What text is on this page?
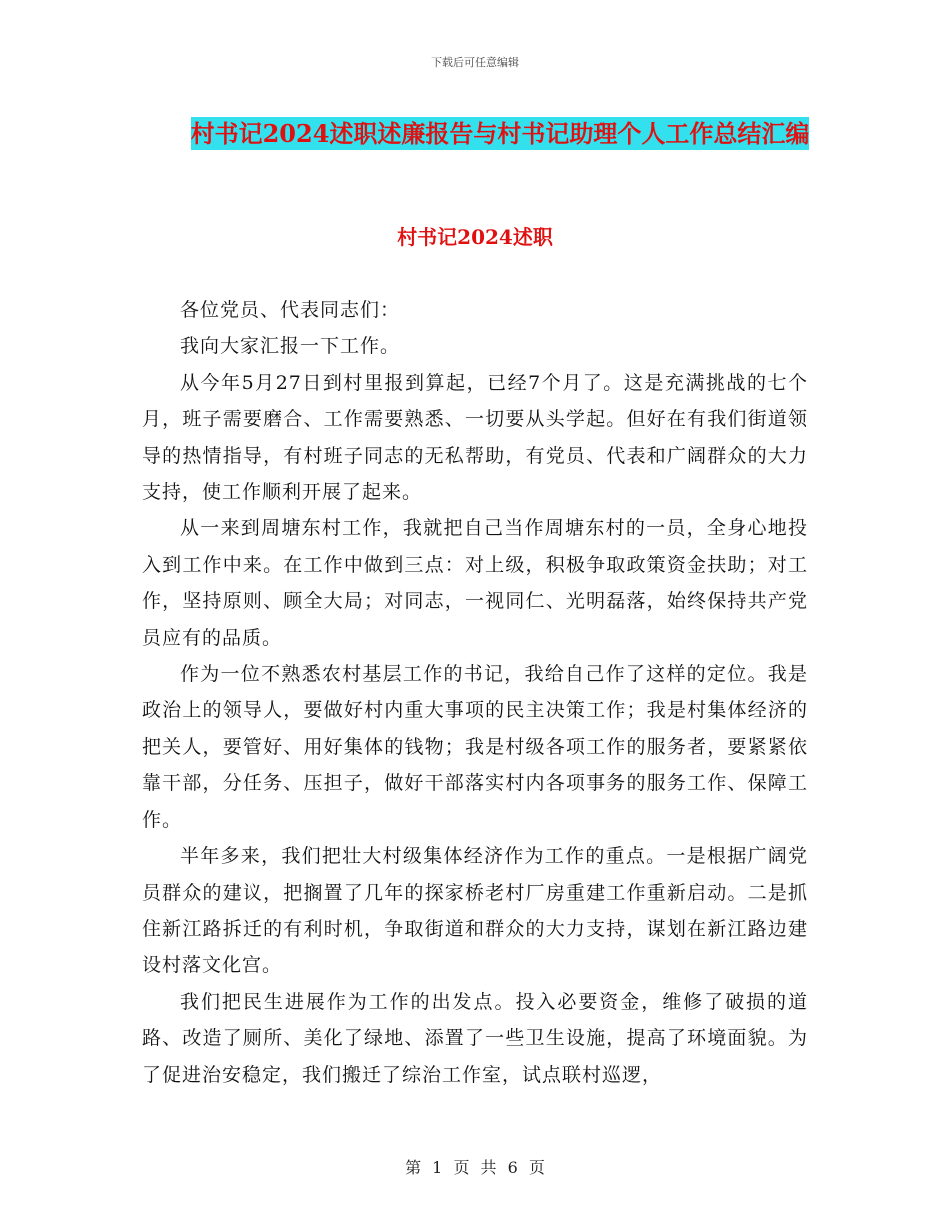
下载后可任意编辑
村书记2024述职述廉报告与村书记助理个人工作总结汇编
村书记2024述职

各位党员、代表同志们：

我向大家汇报一下工作。

从今年5月27日到村里报到算起，已经7个月了。这是充满挑战的七个月，班子需要磨合、工作需要熟悉、一切要从头学起。但好在有我们街道领导的热情指导，有村班子同志的无私帮助，有党员、代表和广阔群众的大力支持，使工作顺利开展了起来。

从一来到周塘东村工作，我就把自己当作周塘东村的一员，全身心地投入到工作中来。在工作中做到三点：对上级，积极争取政策资金扶助；对工作，坚持原则、顾全大局；对同志，一视同仁、光明磊落，始终保持共产党员应有的品质。

作为一位不熟悉农村基层工作的书记，我给自己作了这样的定位。我是政治上的领导人，要做好村内重大事项的民主决策工作；我是村集体经济的把关人，要管好、用好集体的钱物；我是村级各项工作的服务者，要紧紧依靠干部，分任务、压担子，做好干部落实村内各项事务的服务工作、保障工作。

半年多来，我们把壮大村级集体经济作为工作的重点。一是根据广阔党员群众的建议，把搁置了几年的探家桥老村厂房重建工作重新启动。二是抓住新江路拆迁的有利时机，争取街道和群众的大力支持，谋划在新江路边建设村落文化宫。

我们把民生进展作为工作的出发点。投入必要资金，维修了破损的道路、改造了厕所、美化了绿地、添置了一些卫生设施，提高了环境面貌。为了促进治安稳定，我们搬迁了综治工作室，试点联村巡逻，

第 1 页 共 6 页
